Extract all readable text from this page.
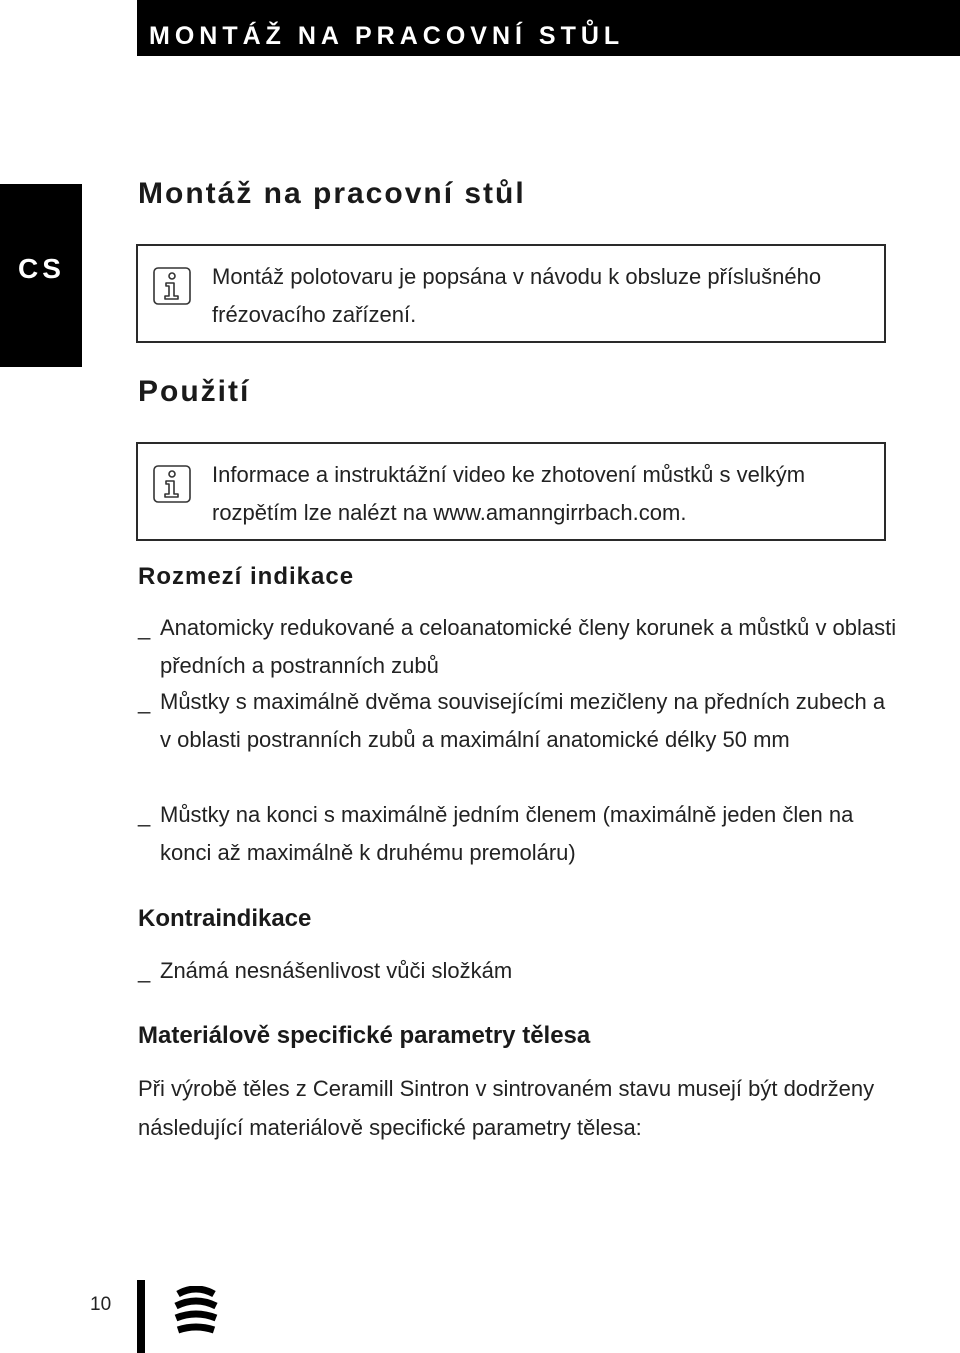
MONTÁŽ NA PRACOVNÍ STŮL
CS
Montáž na pracovní stůl
Montáž polotovaru je popsána v návodu k obsluze příslušného frézovacího zařízení.
Použití
Informace a instruktážní video ke zhotovení můstků s velkým rozpětím lze nalézt na www.amanngirrbach.com.
Rozmezí indikace
_ Anatomicky redukované a celoanatomické členy korunek a můstků v oblasti předních a postranních zubů
_ Můstky s maximálně dvěma souvisejícími mezičleny na předních zubech a v oblasti postranních zubů a maximální anatomické délky 50 mm
_ Můstky na konci s maximálně jedním členem (maximálně jeden člen na konci až maximálně k druhému premoláru)
Kontraindikace
_ Známá nesnášenlivost vůči složkám
Materiálově specifické parametry tělesa
Při výrobě těles z Ceramill Sintron v sintrovaném stavu musejí být dodrženy následující materiálově specifické parametry tělesa:
10
